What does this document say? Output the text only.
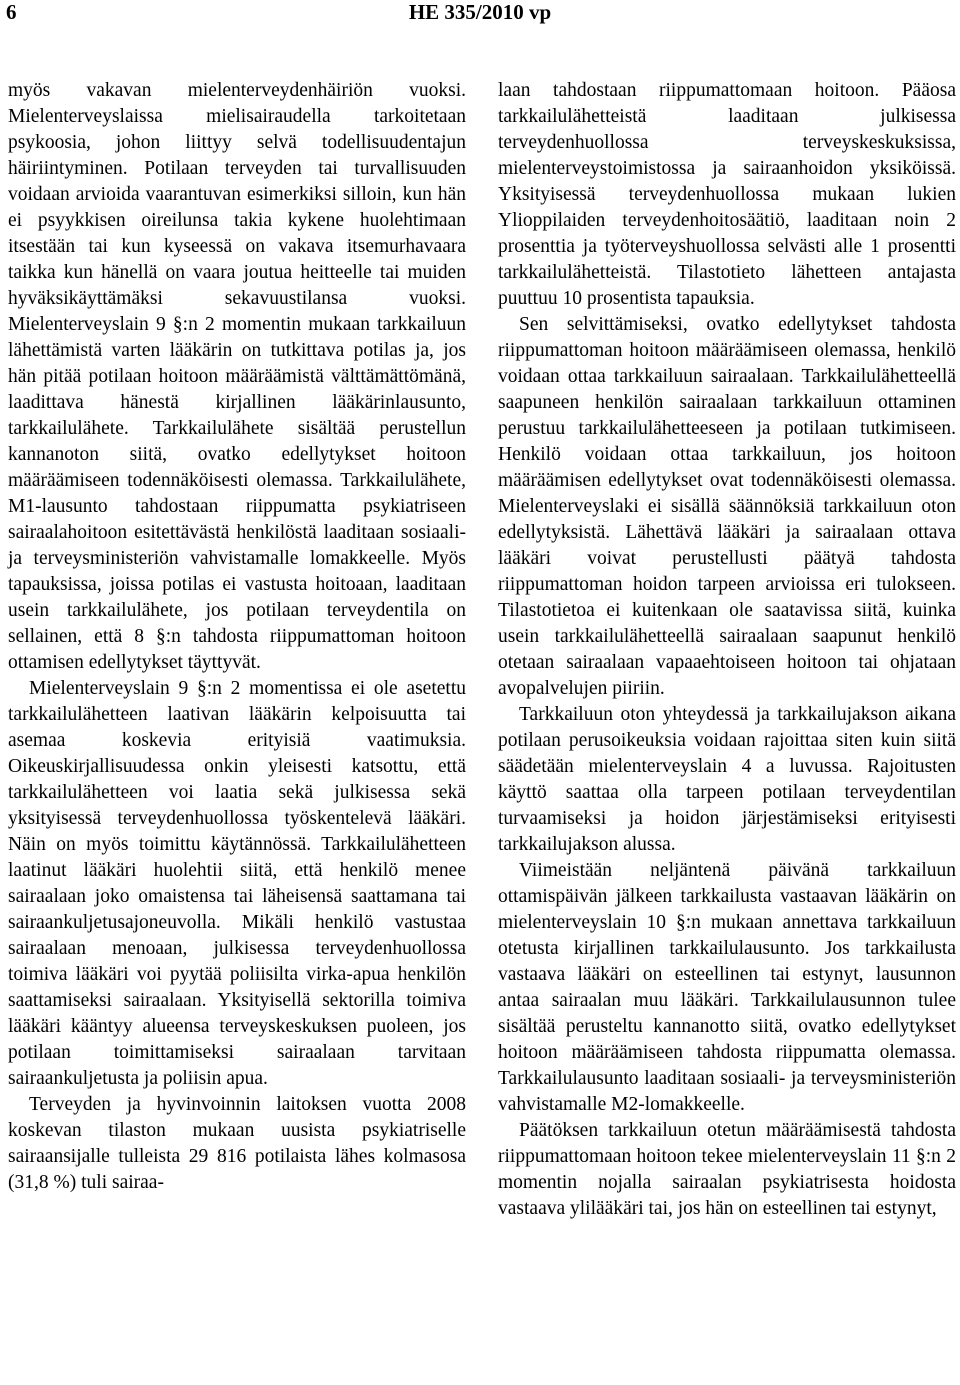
6	HE 335/2010 vp

myös vakavan mielenterveydenhäiriön vuoksi. Mielenterveyslaissa mielisairaudella tarkoitetaan psykoosia, johon liittyy selvä todellisuudentajun häiriintyminen. Potilaan terveyden tai turvallisuuden voidaan arvioida vaarantuvan esimerkiksi silloin, kun hän ei psyykkisen oireilunsa takia kykene huolehtimaan itsestään tai kun kyseessä on vakava itsemurhavaara taikka kun hänellä on vaara joutua heitteelle tai muiden hyväksikäyttämäksi sekavuustilansa vuoksi. Mielenterveyslain 9 §:n 2 momentin mukaan tarkkailuun lähettämistä varten lääkärin on tutkittava potilas ja, jos hän pitää potilaan hoitoon määräämistä välttämättömänä, laadittava hänestä kirjallinen lääkärinlausunto, tarkkailulähete. Tarkkailulähete sisältää perustellun kannanoton siitä, ovatko edellytykset hoitoon määräämiseen todennäköisesti olemassa. Tarkkailulähete, M1-lausunto tahdostaan riippumatta psykiatriseen sairaalahoitoon esitettävästä henkilöstä laaditaan sosiaali- ja terveysministeriön vahvistamalle lomakkeelle. Myös tapauksissa, joissa potilas ei vastusta hoitoaan, laaditaan usein tarkkailulähete, jos potilaan terveydentila on sellainen, että 8 §:n tahdosta riippumattoman hoitoon ottamisen edellytykset täyttyvät.

Mielenterveyslain 9 §:n 2 momentissa ei ole asetettu tarkkailulähetteen laativan lääkärin kelpoisuutta tai asemaa koskevia erityisiä vaatimuksia. Oikeuskirjallisuudessa onkin yleisesti katsottu, että tarkkailulähetteen voi laatia sekä julkisessa sekä yksityisessä terveydenhuollossa työskentelevä lääkäri. Näin on myös toimittu käytännössä. Tarkkailulähetteen laatinut lääkäri huolehtii siitä, että henkilö menee sairaalaan joko omaistensa tai läheisensä saattamana tai sairaankuljetusajoneuvolla. Mikäli henkilö vastustaa sairaalaan menoaan, julkisessa terveydenhuollossa toimiva lääkäri voi pyytää poliisilta virka-apua henkilön saattamiseksi sairaalaan. Yksityisellä sektorilla toimiva lääkäri kääntyy alueensa terveyskeskuksen puoleen, jos potilaan toimittamiseksi sairaalaan tarvitaan sairaankuljetusta ja poliisin apua.

Terveyden ja hyvinvoinnin laitoksen vuotta 2008 koskevan tilaston mukaan uusista psykiatriselle sairaansijalle tulleista 29 816 potilaista lähes kolmasosa (31,8 %) tuli sairaa-

laan tahdostaan riippumattomaan hoitoon. Pääosa tarkkailulähetteistä laaditaan julkisessa terveydenhuollossa terveyskeskuksissa, mielenterveystoimistossa ja sairaanhoidon yksiköissä. Yksityisessä terveydenhuollossa mukaan lukien Ylioppilaiden terveydenhoitosäätiö, laaditaan noin 2 prosenttia ja työterveyshuollossa selvästi alle 1 prosentti tarkkailulähetteistä. Tilastotieto lähetteen antajasta puuttuu 10 prosentista tapauksia.

Sen selvittämiseksi, ovatko edellytykset tahdosta riippumattoman hoitoon määräämiseen olemassa, henkilö voidaan ottaa tarkkailuun sairaalaan. Tarkkailulähetteellä saapuneen henkilön sairaalaan tarkkailuun ottaminen perustuu tarkkailulähetteeseen ja potilaan tutkimiseen. Henkilö voidaan ottaa tarkkailuun, jos hoitoon määräämisen edellytykset ovat todennäköisesti olemassa. Mielenterveyslaki ei sisällä säännöksiä tarkkailuun oton edellytyksistä. Lähettävä lääkäri ja sairaalaan ottava lääkäri voivat perustellusti päätyä tahdosta riippumattoman hoidon tarpeen arvioissa eri tulokseen. Tilastotietoa ei kuitenkaan ole saatavissa siitä, kuinka usein tarkkailulähetteellä sairaalaan saapunut henkilö otetaan sairaalaan vapaaehtoiseen hoitoon tai ohjataan avopalvelujen piiriin.

Tarkkailuun oton yhteydessä ja tarkkailujakson aikana potilaan perusoikeuksia voidaan rajoittaa siten kuin siitä säädetään mielenterveyslain 4 a luvussa. Rajoitusten käyttö saattaa olla tarpeen potilaan terveydentilan turvaamiseksi ja hoidon järjestämiseksi erityisesti tarkkailujakson alussa.

Viimeistään neljäntenä päivänä tarkkailuun ottamispäivän jälkeen tarkkailusta vastaavan lääkärin on mielenterveyslain 10 §:n mukaan annettava tarkkailuun otetusta kirjallinen tarkkailulausunto. Jos tarkkailusta vastaava lääkäri on esteellinen tai estynyt, lausunnon antaa sairaalan muu lääkäri. Tarkkailulausunnon tulee sisältää perusteltu kannanotto siitä, ovatko edellytykset hoitoon määräämiseen tahdosta riippumatta olemassa. Tarkkailulausunto laaditaan sosiaali- ja terveysministeriön vahvistamalle M2-lomakkeelle.

Päätöksen tarkkailuun otetun määräämisestä tahdosta riippumattomaan hoitoon tekee mielenterveyslain 11 §:n 2 momentin nojalla sairaalan psykiatrisesta hoidosta vastaava ylilääkäri tai, jos hän on esteellinen tai estynyt,
